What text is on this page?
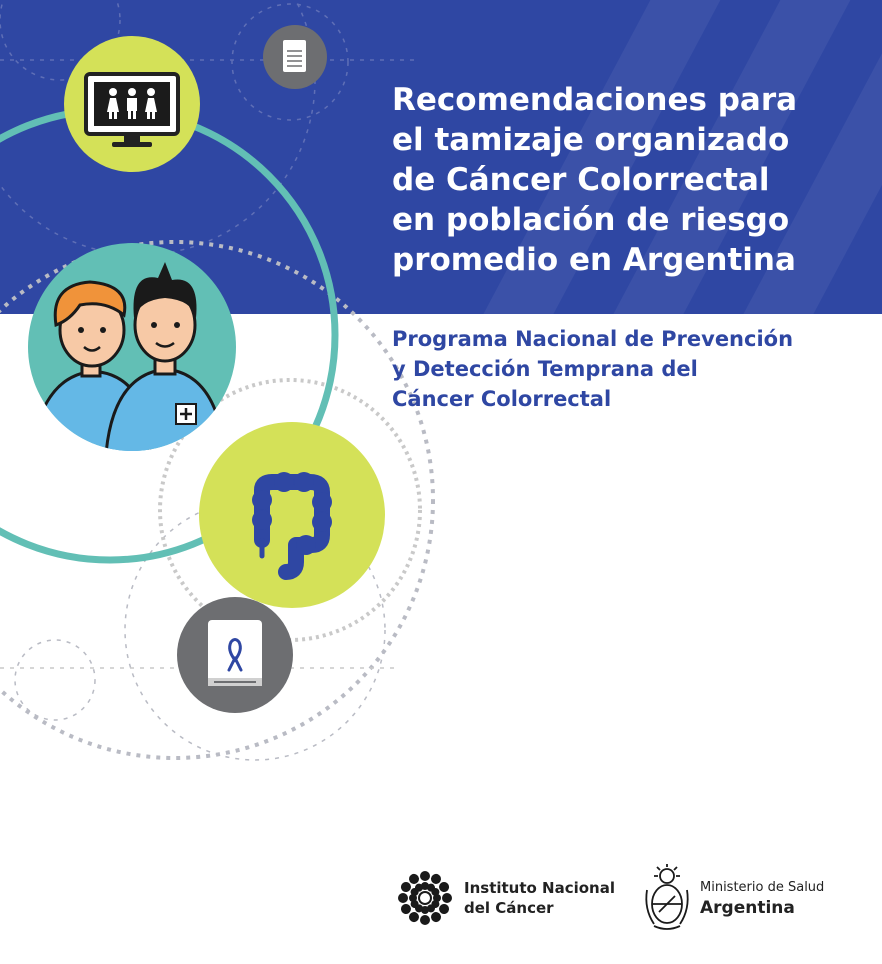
Recomendaciones para
el tamizaje organizado
de Cáncer Colorrectal
en población de riesgo
promedio en Argentina
Programa Nacional de Prevención
y Detección Temprana del
Cáncer Colorrectal
Instituto Nacional
del Cáncer
Ministerio de Salud
Argentina
